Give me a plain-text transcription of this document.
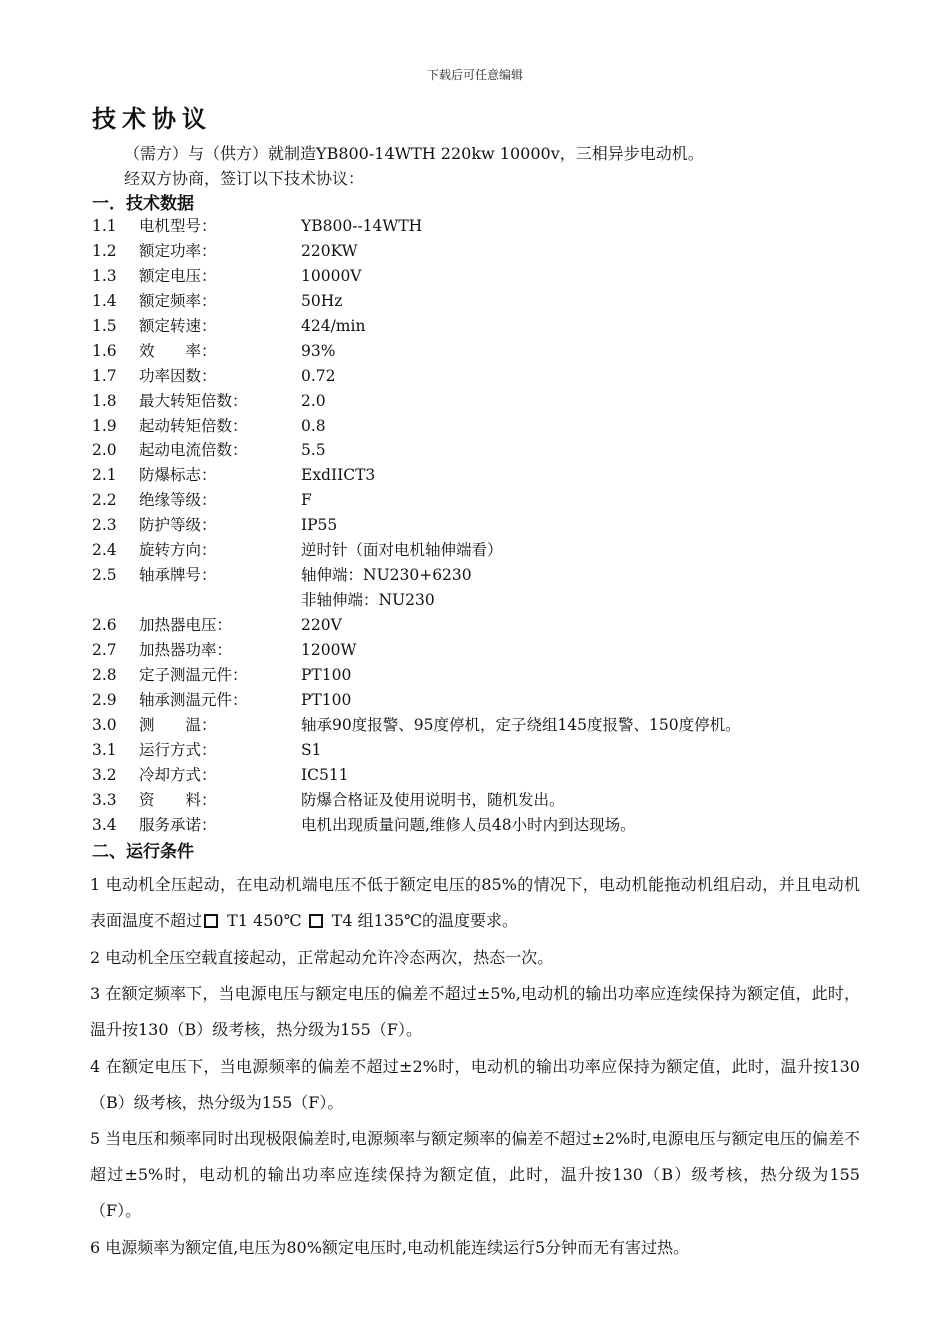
下载后可任意编辑
技术协议

（需方）与（供方）就制造YB800-14WTH 220kw 10000v，三相异步电动机。

经双方协商，签订以下技术协议：

一．技术数据
1.1	电机型号：	YB800--14WTH
1.2	额定功率：	220KW
1.3	额定电压：	10000V
1.4	额定频率：	50Hz
1.5	额定转速：	424/min
1.6	效　　率：	93%
1.7	功率因数：	0.72
1.8	最大转矩倍数：	2.0
1.9	起动转矩倍数：	0.8
2.0	起动电流倍数：	5.5
2.1	防爆标志：	ExdIICT3
2.2	绝缘等级：	F
2.3	防护等级：	IP55
2.4	旋转方向：	逆时针（面对电机轴伸端看）
2.5	轴承牌号：	轴伸端：NU230+6230
非轴伸端：NU230
2.6	加热器电压：	220V
2.7	加热器功率：	1200W
2.8	定子测温元件：	PT100
2.9	轴承测温元件：	PT100
3.0	测　　温：	轴承90度报警、95度停机，定子绕组145度报警、150度停机。
3.1	运行方式：	S1
3.2	冷却方式：	IC511
3.3	资　　料：	防爆合格证及使用说明书，随机发出。
3.4	服务承诺：	电机出现质量问题,维修人员48小时内到达现场。
二、运行条件
1 电动机全压起动，在电动机端电压不低于额定电压的85%的情况下，电动机能拖动机组启动，并且电动机表面温度不超过 T1 450℃  T4 组135℃的温度要求。
2 电动机全压空载直接起动，正常起动允许冷态两次，热态一次。
3 在额定频率下，当电源电压与额定电压的偏差不超过±5%,电动机的输出功率应连续保持为额定值，此时，温升按130（B）级考核，热分级为155（F）。
4 在额定电压下，当电源频率的偏差不超过±2%时，电动机的输出功率应保持为额定值，此时，温升按130（B）级考核，热分级为155（F）。
5 当电压和频率同时出现极限偏差时,电源频率与额定频率的偏差不超过±2%时,电源电压与额定电压的偏差不超过±5%时，电动机的输出功率应连续保持为额定值，此时，温升按130（B）级考核，热分级为155（F）。
6 电源频率为额定值,电压为80%额定电压时,电动机能连续运行5分钟而无有害过热。
